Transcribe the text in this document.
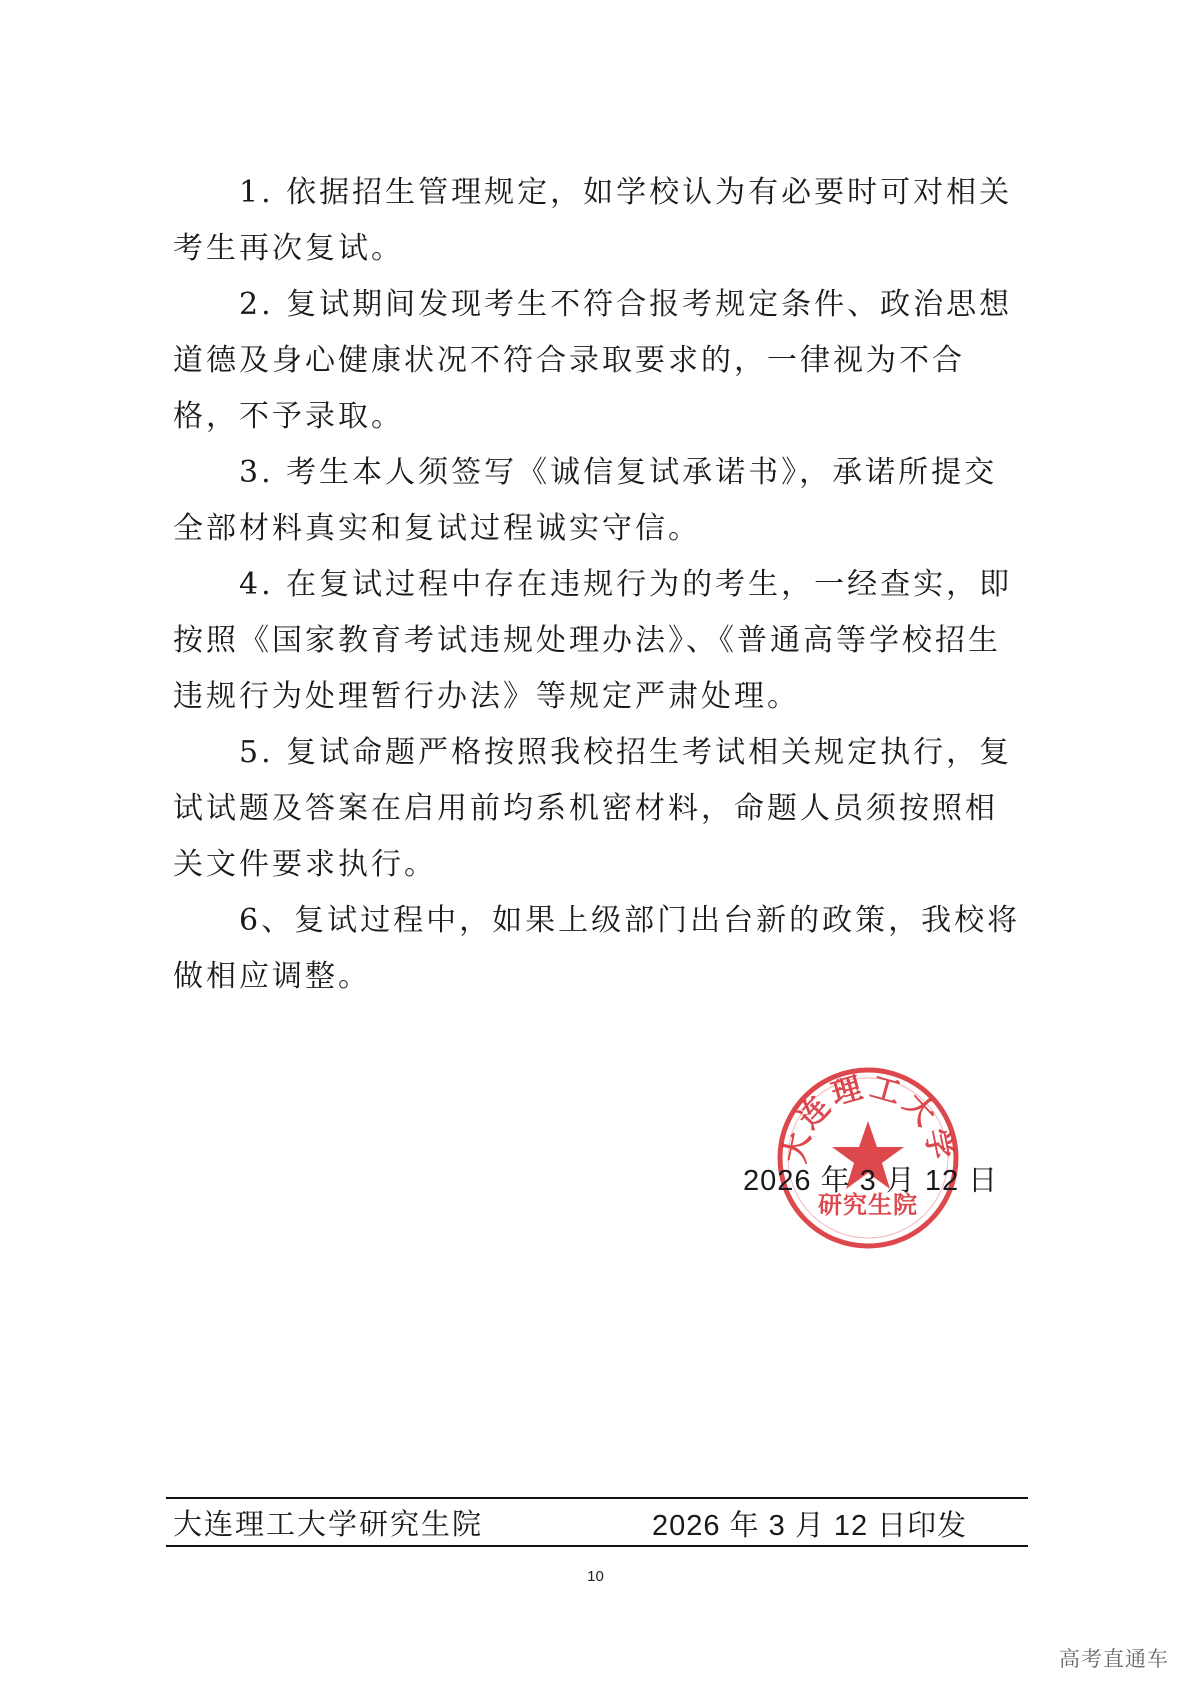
1. 依据招生管理规定，如学校认为有必要时可对相关考生再次复试。

2. 复试期间发现考生不符合报考规定条件、政治思想道德及身心健康状况不符合录取要求的，一律视为不合格，不予录取。

3. 考生本人须签写《诚信复试承诺书》，承诺所提交全部材料真实和复试过程诚实守信。

4. 在复试过程中存在违规行为的考生，一经查实，即按照《国家教育考试违规处理办法》、《普通高等学校招生违规行为处理暂行办法》等规定严肃处理。

5. 复试命题严格按照我校招生考试相关规定执行，复试试题及答案在启用前均系机密材料，命题人员须按照相关文件要求执行。

6、复试过程中，如果上级部门出台新的政策，我校将做相应调整。

大连理工大学
研究生院
2026 年 3 月 12 日
大连理工大学研究生院	2026 年 3 月 12 日印发
10
高考直通车
